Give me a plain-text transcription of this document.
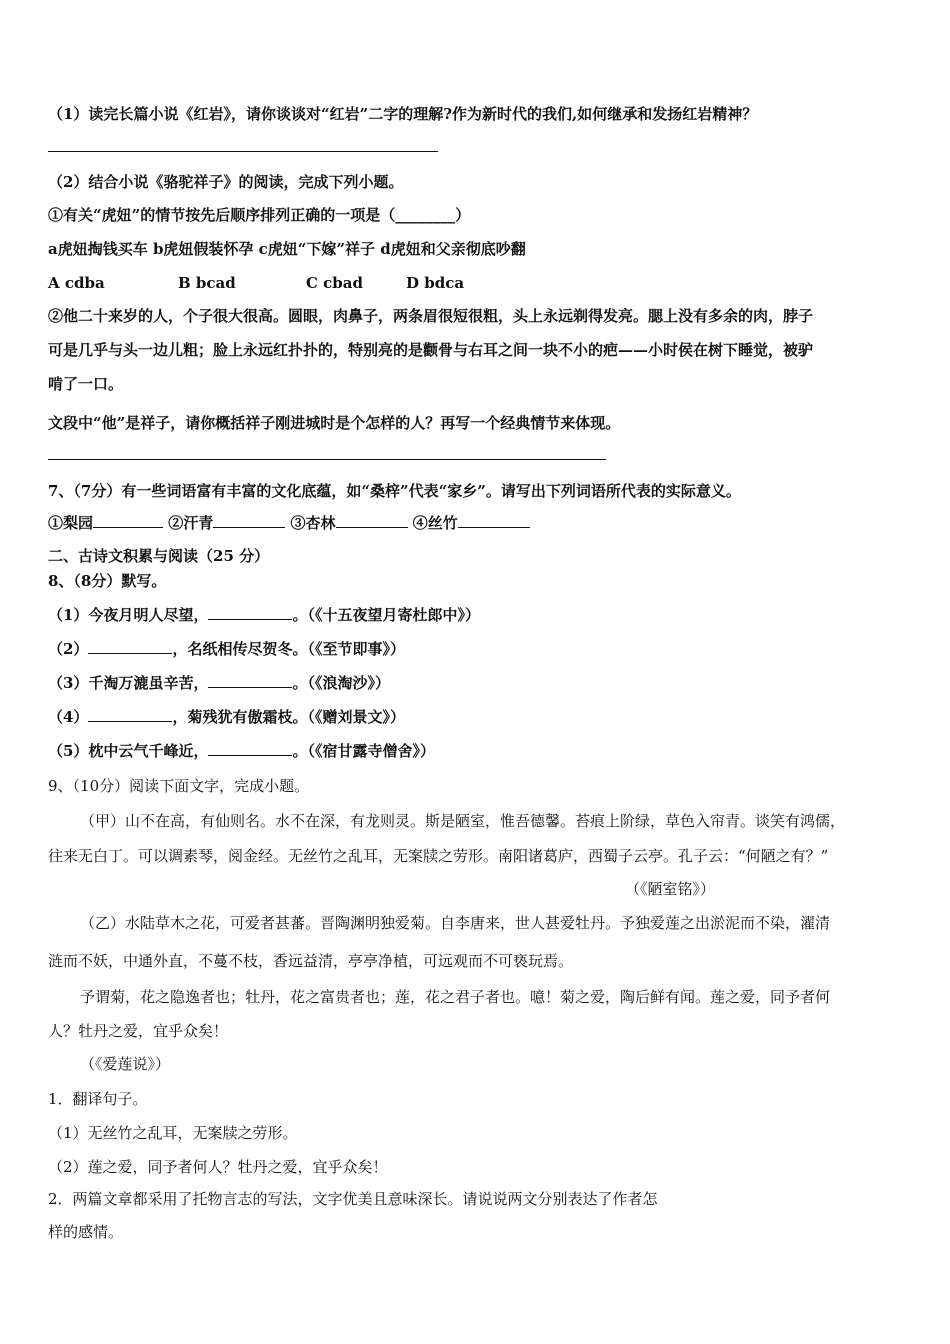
（1）读完长篇小说《红岩》，请你谈谈对“红岩”二字的理解?作为新时代的我们,如何继承和发扬红岩精神？
（2）结合小说《骆驼祥子》的阅读，完成下列小题。
①有关“虎妞”的情节按先后顺序排列正确的一项是（________）
a虎妞掏钱买车 b虎妞假装怀孕 c虎妞“下嫁”祥子 d虎妞和父亲彻底吵翻
A cdba	B bcad	C cbad	D bdca
②他二十来岁的人，个子很大很高。圆眼，肉鼻子，两条眉很短很粗，头上永远剃得发亮。腮上没有多余的肉，脖子
可是几乎与头一边儿粗；脸上永远红扑扑的，特别亮的是颧骨与右耳之间一块不小的疤——小时侯在树下睡觉，被驴
啃了一口。
文段中“他”是祥子，请你概括祥子刚进城时是个怎样的人？再写一个经典情节来体现。
7、（7分）有一些词语富有丰富的文化底蕴，如“桑梓”代表“家乡”。请写出下列词语所代表的实际意义。
①梨园	②汗青	③杏林	④丝竹
二、古诗文积累与阅读（25 分）
8、（8分）默写。
（1）今夜月明人尽望，	。（《十五夜望月寄杜郎中》）
（2）	，名纸相传尽贺冬。（《至节即事》）
（3）千淘万漉虽辛苦，	。（《浪淘沙》）
（4）	，菊残犹有傲霜枝。（《赠刘景文》）
（5）枕中云气千峰近，	。（《宿甘露寺僧舍》）
9、（10分）阅读下面文字，完成小题。
（甲）山不在高，有仙则名。水不在深，有龙则灵。斯是陋室，惟吾德馨。苔痕上阶绿，草色入帘青。谈笑有鸿儒，
往来无白丁。可以调素琴，阅金经。无丝竹之乱耳，无案牍之劳形。南阳诸葛庐，西蜀子云亭。孔子云：“何陋之有？”
（《陋室铭》）
（乙）水陆草木之花，可爱者甚蕃。晋陶渊明独爱菊。自李唐来，世人甚爱牡丹。予独爱莲之出淤泥而不染，濯清
涟而不妖，中通外直，不蔓不枝，香远益清，亭亭净植，可远观而不可亵玩焉。
予谓菊，花之隐逸者也；牡丹，花之富贵者也；莲，花之君子者也。噫！菊之爱，陶后鲜有闻。莲之爱，同予者何
人？牡丹之爱，宜乎众矣！
（《爱莲说》）
1．翻译句子。
（1）无丝竹之乱耳，无案牍之劳形。
（2）莲之爱，同予者何人？牡丹之爱，宜乎众矣！
2．两篇文章都采用了托物言志的写法，文字优美且意味深长。请说说两文分别表达了作者怎
样的感情。
